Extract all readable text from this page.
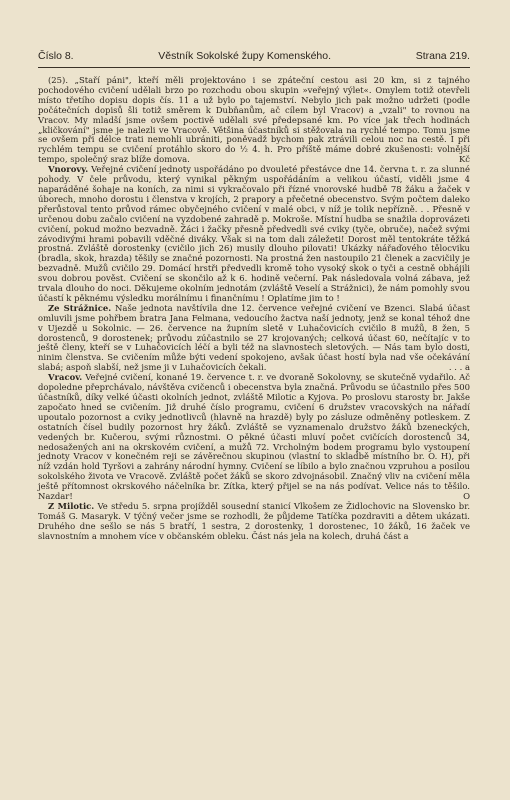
Číslo 8.	Věstník Sokolské župy Komenského.	Strana 219.

(25). „Staří páni", kteří měli projektováno i se zpáteční cestou asi 20 km, si z tajného pochodového cvičení udělali brzo po rozchodu obou skupin »veřejný výlet«. Omylem totiž otevřeli místo třetího dopisu dopis čís. 11 a už bylo po tajemství. Nebylo jich pak možno udržeti (podle počátečních dopisů šli totiž směrem k Dubňanům, ač cílem byl Vracov) a „vzali" to rovnou na Vracov. My mladší jsme ovšem poctivě udělali své předepsané km. Po více jak třech hodinách „kličkování" jsme je nalezli ve Vracově. Většina účastníků si stěžovala na rychlé tempo. Tomu jsme se ovšem při délce trati nemohli ubrániti, poněvadž bychom pak ztrávili celou noc na cestě. I při rychlém tempu se cvičení protáhlo skoro do ½ 4. h. Pro příště máme dobré zkušenosti: volnější tempo, společný sraz blíže domova.	Kč

Vnorovy. Veřejné cvičení jednoty uspořádáno po dvouleté přestávce dne 14. června t. r. za slunné pohody. V čele průvodu, který vynikal pěkným uspořádáním a velikou účastí, viděli jsme 4 naparáděné šohaje na koních, za nimi si vykračovalo při řízné vnorovské hudbě 78 žáku a žaček v úborech, mnoho dorostu i členstva v krojích, 2 prapory a přečetné obecenstvo. Svým počtem daleko přerůstoval tento průvod rámec obyčejného cvičení v malé obci, v níž je tolik nepřízně. . . Přesně v určenou dobu začalo cvičení na vyzdobené zahradě p. Mokroše. Místní hudba se snažila doprovázeti cvičení, pokud možno bezvadně. Žáci i žačky přesně předvedli své cviky (tyče, obruče), načež svými závodivými hrami pobavili vděčné diváky. Však si na tom dali záležeti! Dorost měl tentokráte těžká prostná. Zvláště dorostenky (cvičilo jich 26) musily dlouho pilovati! Ukázky nářaďového tělocviku (bradla, skok, hrazda) těšily se značné pozornosti. Na prostná žen nastoupilo 21 členek a zacvičily je bezvadně. Mužů cvičilo 29. Domácí hrstři předvedli kromě toho vysoký skok o tyči a cestně obhájili svou dobrou pověst. Cvičení se skončilo až k 6. hodině večerní. Pak následovala volná zábava, jež trvala dlouho do noci. Děkujeme okolním jednotám (zvláště Veselí a Strážnici), že nám pomohly svou účastí k pěknému výsledku morálnímu i finančnímu ! Oplatíme jim to !

Ze Strážnice. Naše jednota navštívila dne 12. července veřejné cvičení ve Bzenci. Slabá účast omluvili jsme pohřbem bratra Jana Felmana, vedoucího žactva naší jednoty, jenž se konal téhož dne v Ujezdě u Sokolnic. — 26. července na župním sletě v Luhačovicích cvičilo 8 mužů, 8 žen, 5 dorostenců, 9 dorostenek; průvodu zúčastnilo se 27 krojovaných; celková účast 60, nečítajíc v to ještě členy, kteří se v Luhačovicích léčí a byli též na slavnostech sletových. — Nás tam bylo dosti, ninim členstva. Se cvičením může býti vedení spokojeno, avšak účast hostí byla nad vše očekávání slabá; aspoň slabší, než jsme ji v Luhačovicích čekali.	. . . a

Vracov. Veřejné cvičení, konané 19. července t. r. ve dvoraně Sokolovny, se skutečně vydařilo. Ač dopoledne přeprchávalo, návštěva cvičenců i obecenstva byla značná. Průvodu se účastnilo přes 500 účastníků, díky velké účasti okolních jednot, zvláště Milotic a Kyjova. Po proslovu starosty br. Jakše započato hned se cvičením. Již druhé číslo programu, cvičení 6 družstev vracovských na nářadí upoutalo pozornost a cviky jednotlivců (hlavně na hrazdě) byly po zásluze odměněny potleskem. Z ostatních čísel budily pozornost hry žáků. Zvláště se vyznamenalo družstvo žáků bzeneckých, vedených br. Kučerou, svými různostmi. O pěkné účasti mluví počet cvičících dorostenců 34, nedosažených ani na okrskovém cvičení, a mužů 72. Vrcholným bodem programu bylo vystoupení jednoty Vracov v konečném reji se závěrečnou skupinou (vlastní to skladbě místního br. O. H), při níž vzdán hold Tyršovi a zahrány národní hymny. Cvičení se líbilo a bylo značnou vzpruhou a posilou sokolského života ve Vracově. Zvláště počet žáků se skoro zdvojnásobil. Značný vliv na cvičení měla ještě přítomnost okrskového náčelníka br. Zítka, který přijel se na nás podívat. Velice nás to těšilo. Nazdar!	O

Z Milotic. Ve středu 5. srpna projížděl sousední stanicí Vlkošem ze Židlochovic na Slovensko br. Tomáš G. Masaryk. V týčný večer jsme se rozhodli, že půjdeme Tatíčka pozdraviti a dětem ukázati. Druhého dne sešlo se nás 5 bratří, 1 sestra, 2 dorostenky, 1 dorostenec, 10 žáků, 16 žaček ve slavnostním a mnohem více v občanském obleku. Část nás jela na kolech, druhá část a
